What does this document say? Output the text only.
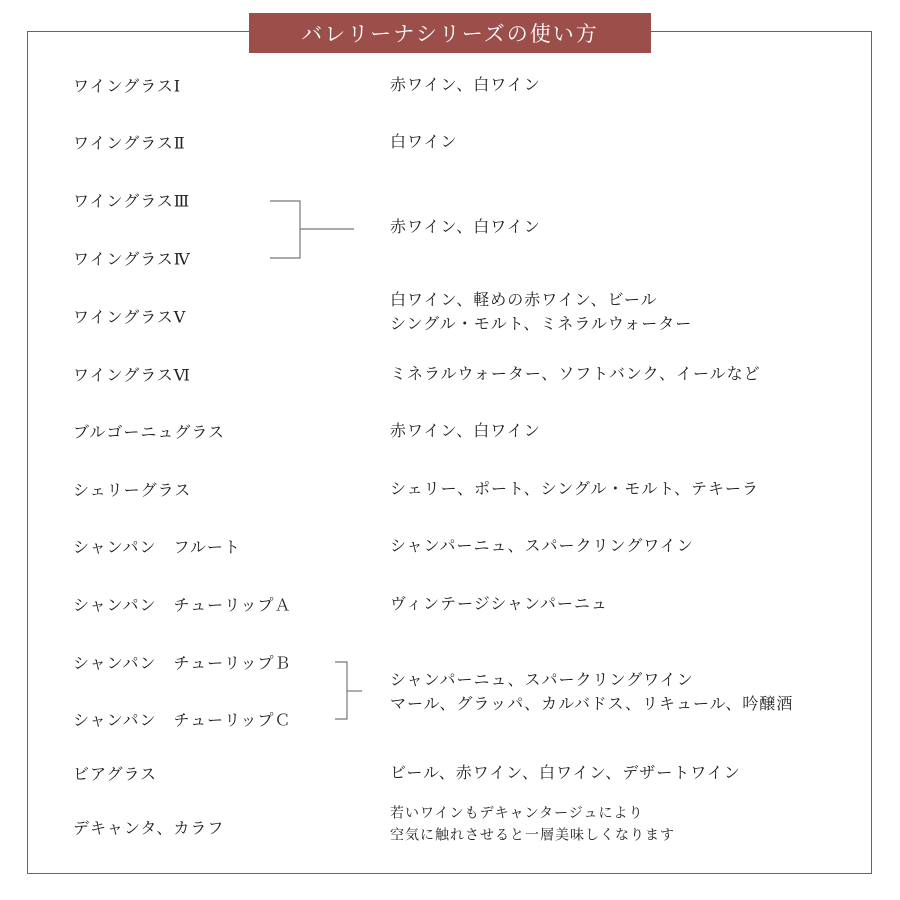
バレリーナシリーズの使い方
ワイングラスⅠ
ワイングラスⅡ
ワイングラスⅢ
ワイングラスⅣ
ワイングラスⅤ
ワイングラスⅥ
ブルゴーニュグラス
シェリーグラス
シャンパン　フルート
シャンパン　チューリップＡ
シャンパン　チューリップＢ
シャンパン　チューリップＣ
ビアグラス
デキャンタ、カラフ
赤ワイン、白ワイン
白ワイン
赤ワイン、白ワイン
白ワイン、軽めの赤ワイン、ビール
シングル・モルト、ミネラルウォーター
ミネラルウォーター、ソフトバンク、イールなど
赤ワイン、白ワイン
シェリー、ポート、シングル・モルト、テキーラ
シャンパーニュ、スパークリングワイン
ヴィンテージシャンパーニュ
シャンパーニュ、スパークリングワイン
マール、グラッパ、カルバドス、リキュール、吟醸酒
ビール、赤ワイン、白ワイン、デザートワイン
若いワインもデキャンタージュにより
空気に触れさせると一層美味しくなります
